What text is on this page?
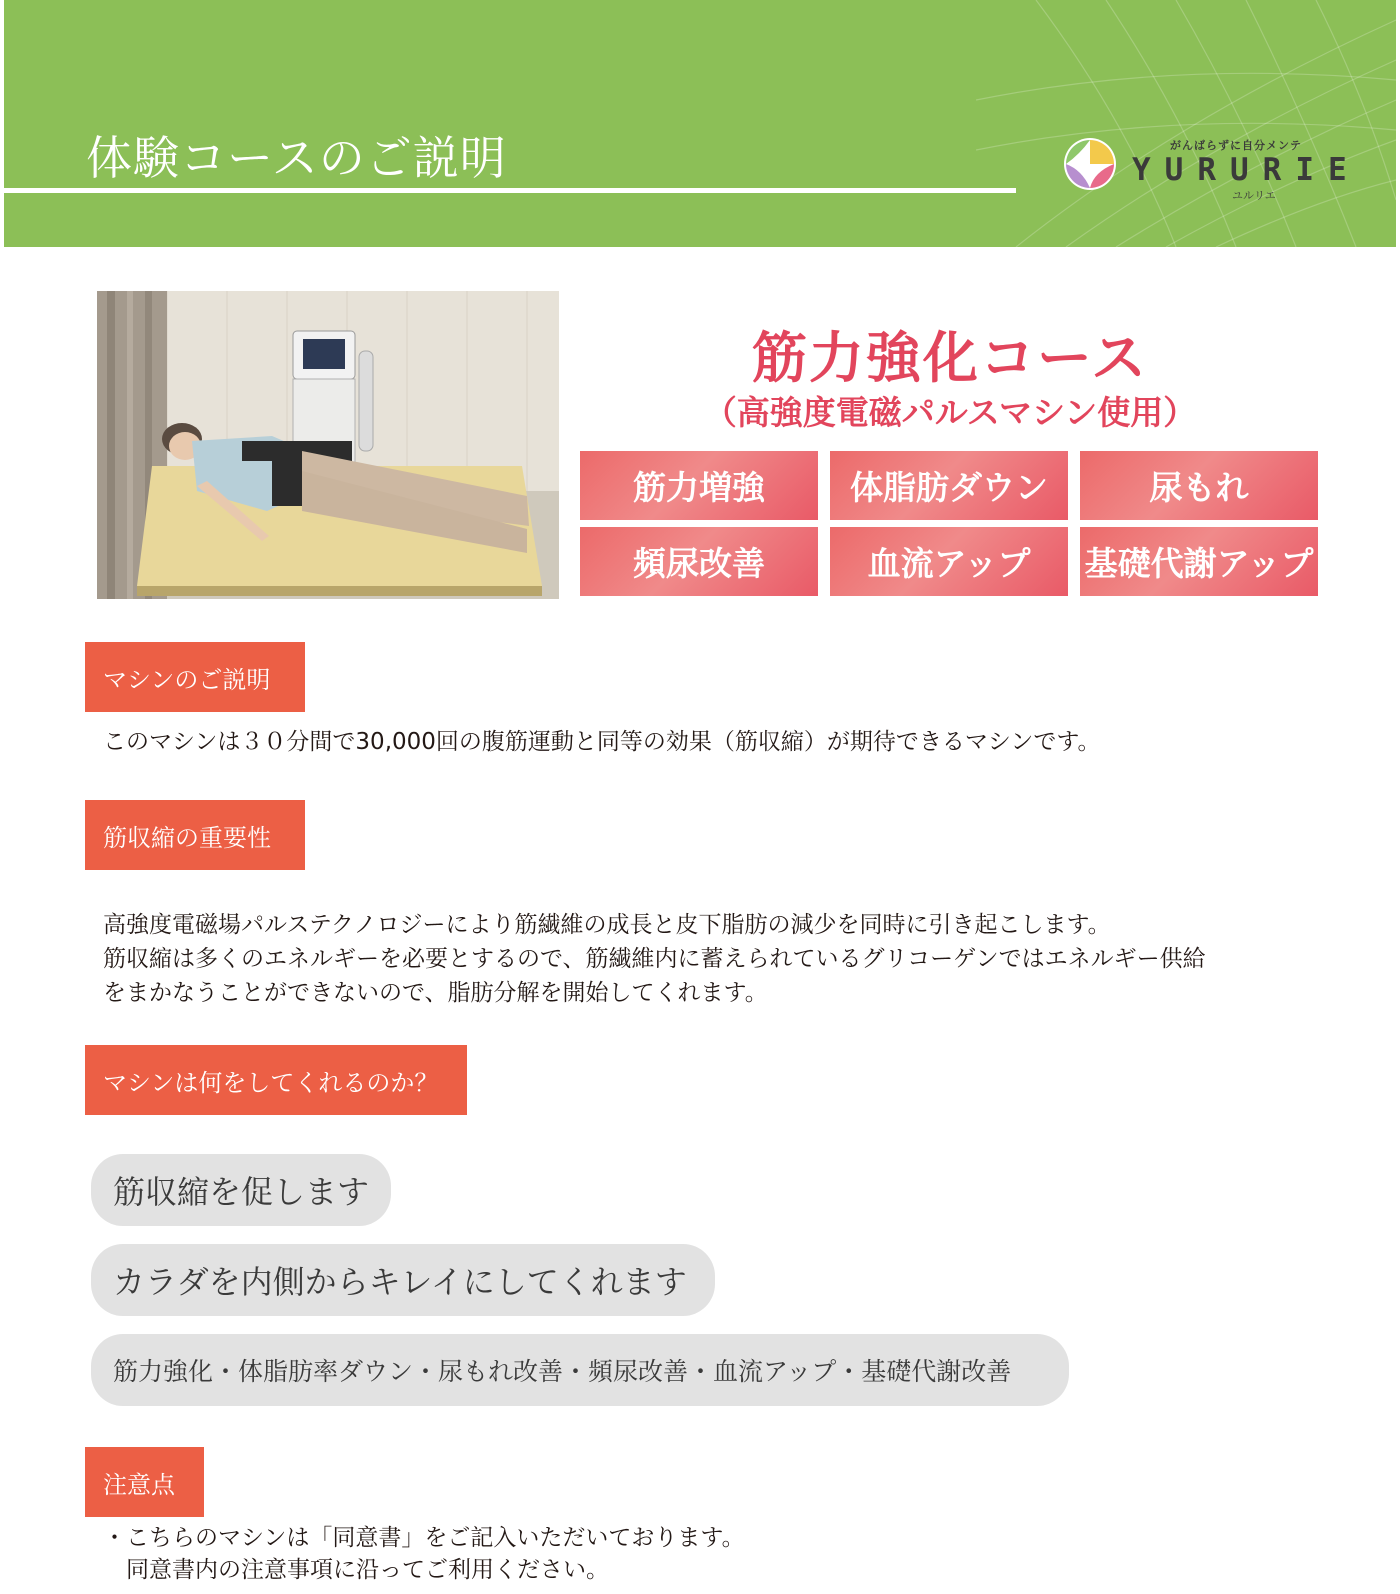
体験コースのご説明	がんばらずに自分メンテ
YURURIE
ユルリエ
筋力強化コース
（高強度電磁パルスマシン使用）
筋力増強	体脂肪ダウン	尿もれ
頻尿改善	血流アップ	基礎代謝アップ
マシンのご説明
このマシンは３０分間で30,000回の腹筋運動と同等の効果（筋収縮）が期待できるマシンです。
筋収縮の重要性

高強度電磁場パルステクノロジーにより筋繊維の成長と皮下脂肪の減少を同時に引き起こします。

筋収縮は多くのエネルギーを必要とするので、筋繊維内に蓄えられているグリコーゲンではエネルギー供給

をまかなうことができないので、脂肪分解を開始してくれます。

マシンは何をしてくれるのか？
筋収縮を促します
カラダを内側からキレイにしてくれます
筋力強化・体脂肪率ダウン・尿もれ改善・頻尿改善・血流アップ・基礎代謝改善
注意点

・こちらのマシンは「同意書」をご記入いただいております。

　同意書内の注意事項に沿ってご利用ください。
